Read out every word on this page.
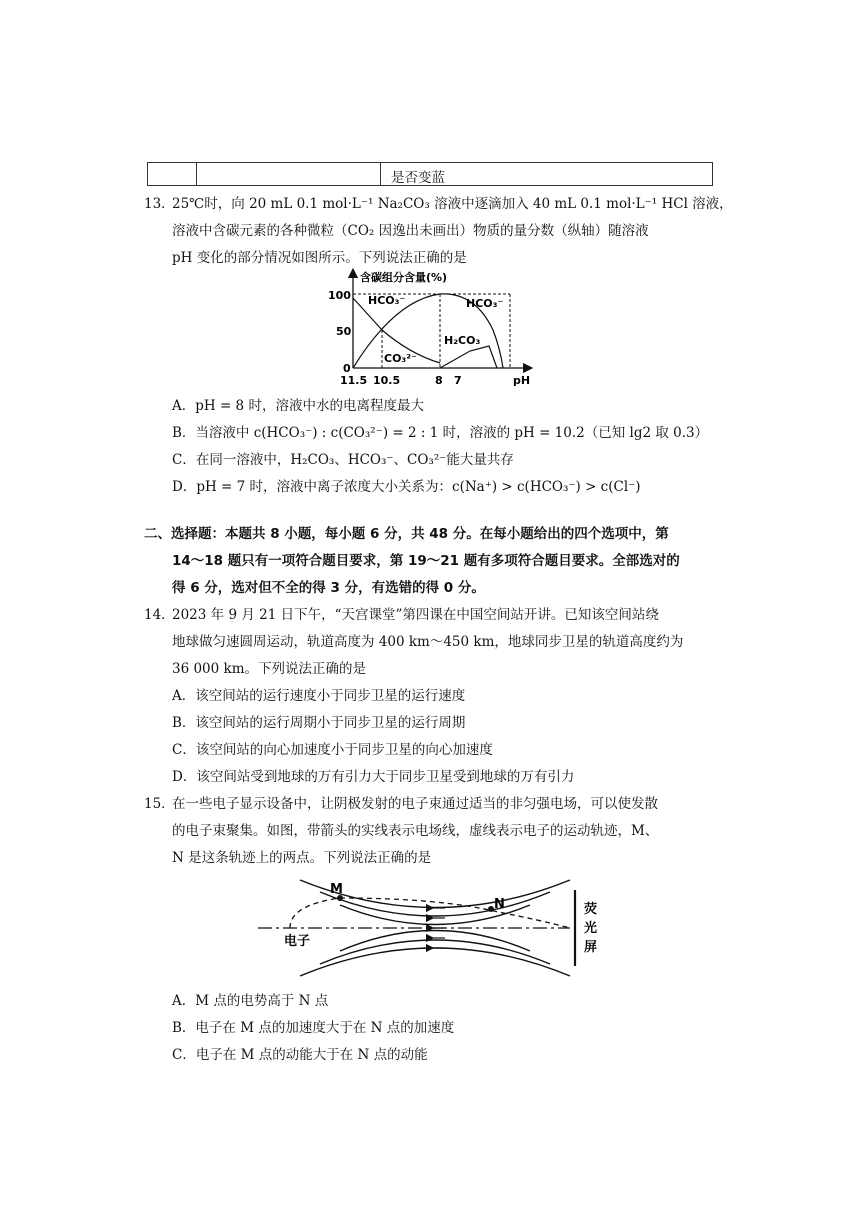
是否变蓝
13．
25℃时，向 20 mL 0.1 mol·L⁻¹ Na₂CO₃ 溶液中逐滴加入 40 mL 0.1 mol·L⁻¹ HCl 溶液，
溶液中含碳元素的各种微粒（CO₂ 因逸出未画出）物质的量分数（纵轴）随溶液
pH 变化的部分情况如图所示。下列说法正确的是
含碳组分含量(%)
100
50
0
11.5 10.5	8 7	pH
HCO₃⁻	HCO₃⁻
H₂CO₃
CO₃²⁻
A．pH = 8 时，溶液中水的电离程度最大
B．当溶液中 c(HCO₃⁻) : c(CO₃²⁻) = 2 : 1 时，溶液的 pH = 10.2（已知 lg2 取 0.3）
C．在同一溶液中，H₂CO₃、HCO₃⁻、CO₃²⁻能大量共存
D．pH = 7 时，溶液中离子浓度大小关系为：c(Na⁺) > c(HCO₃⁻) > c(Cl⁻)
二、选择题：本题共 8 小题，每小题 6 分，共 48 分。在每小题给出的四个选项中，第
14～18 题只有一项符合题目要求，第 19～21 题有多项符合题目要求。全部选对的
得 6 分，选对但不全的得 3 分，有选错的得 0 分。
14．
2023 年 9 月 21 日下午，“天宫课堂”第四课在中国空间站开讲。已知该空间站绕
地球做匀速圆周运动，轨道高度为 400 km～450 km，地球同步卫星的轨道高度约为
36 000 km。下列说法正确的是
A．该空间站的运行速度小于同步卫星的运行速度
B．该空间站的运行周期小于同步卫星的运行周期
C．该空间站的向心加速度小于同步卫星的向心加速度
D．该空间站受到地球的万有引力大于同步卫星受到地球的万有引力
15．
在一些电子显示设备中，让阴极发射的电子束通过适当的非匀强电场，可以使发散
的电子束聚集。如图，带箭头的实线表示电场线，虚线表示电子的运动轨迹，M、
N 是这条轨迹上的两点。下列说法正确的是
M
N
电子
荧
光
屏
A．M 点的电势高于 N 点
B．电子在 M 点的加速度大于在 N 点的加速度
C．电子在 M 点的动能大于在 N 点的动能
